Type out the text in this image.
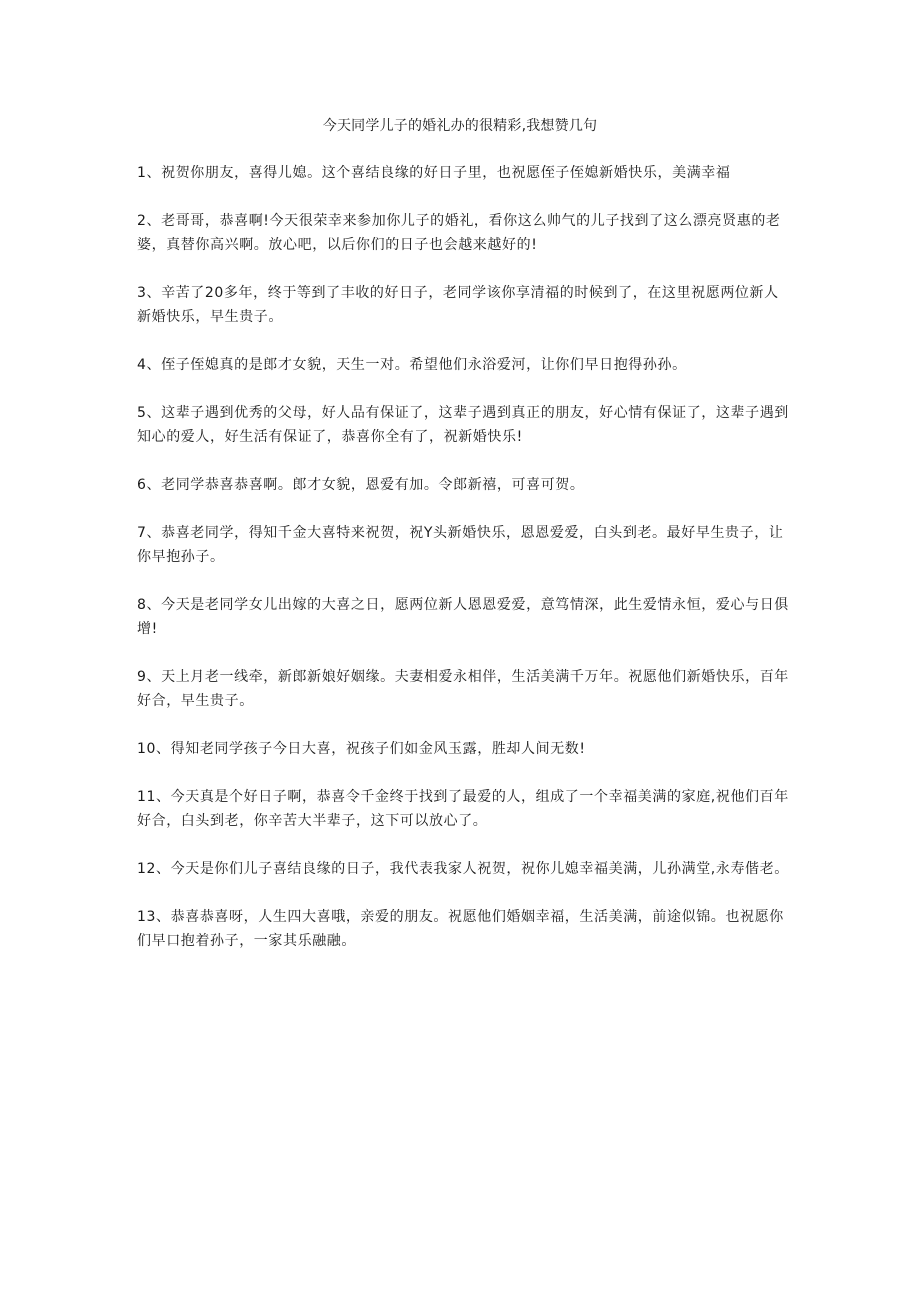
今天同学儿子的婚礼办的很精彩,我想赞几句

1、祝贺你朋友，喜得儿媳。这个喜结良缘的好日子里，也祝愿侄子侄媳新婚快乐，美满幸福

2、老哥哥，恭喜啊!今天很荣幸来参加你儿子的婚礼，看你这么帅气的儿子找到了这么漂亮贤惠的老婆，真替你高兴啊。放心吧，以后你们的日子也会越来越好的!

3、辛苦了20多年，终于等到了丰收的好日子，老同学该你享清福的时候到了，在这里祝愿两位新人新婚快乐，早生贵子。

4、侄子侄媳真的是郎才女貌，天生一对。希望他们永浴爱河，让你们早日抱得孙孙。

5、这辈子遇到优秀的父母，好人品有保证了，这辈子遇到真正的朋友，好心情有保证了，这辈子遇到知心的爱人，好生活有保证了，恭喜你全有了，祝新婚快乐!

6、老同学恭喜恭喜啊。郎才女貌，恩爱有加。令郎新禧，可喜可贺。

7、恭喜老同学，得知千金大喜特来祝贺，祝Y头新婚快乐，恩恩爱爱，白头到老。最好早生贵子，让你早抱孙子。

8、今天是老同学女儿出嫁的大喜之日，愿两位新人恩恩爱爱，意笃情深，此生爱情永恒，爱心与日俱增!

9、天上月老一线牵，新郎新娘好姻缘。夫妻相爱永相伴，生活美满千万年。祝愿他们新婚快乐，百年好合，早生贵子。

10、得知老同学孩子今日大喜，祝孩子们如金风玉露，胜却人间无数!

11、今天真是个好日子啊，恭喜令千金终于找到了最爱的人，组成了一个幸福美满的家庭,祝他们百年好合，白头到老，你辛苦大半辈子，这下可以放心了。

12、今天是你们儿子喜结良缘的日子，我代表我家人祝贺，祝你儿媳幸福美满，儿孙满堂,永寿偕老。

13、恭喜恭喜呀，人生四大喜哦，亲爱的朋友。祝愿他们婚姻幸福，生活美满，前途似锦。也祝愿你们早口抱着孙子，一家其乐融融。
